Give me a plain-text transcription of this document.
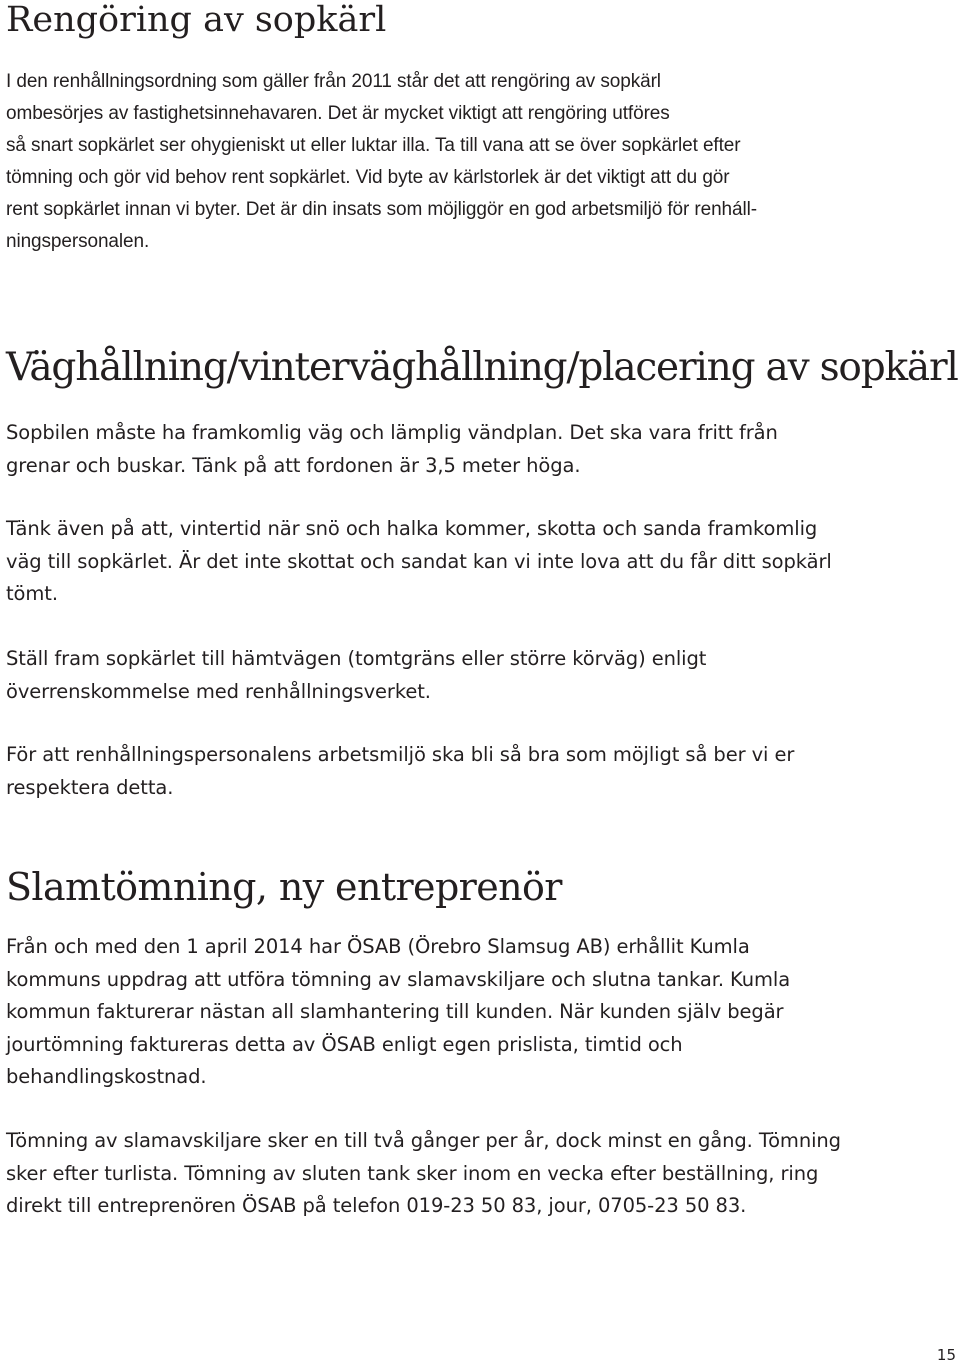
Rengöring av sopkärl

I den renhållningsordning som gäller från 2011 står det att rengöring av sopkärl
ombesörjes av fastighetsinnehavaren. Det är mycket viktigt att rengöring utföres
så snart sopkärlet ser ohygieniskt ut eller luktar illa. Ta till vana att se över sopkärlet efter
tömning och gör vid behov rent sopkärlet. Vid byte av kärlstorlek är det viktigt att du gör
rent sopkärlet innan vi byter. Det är din insats som möjliggör en god arbetsmiljö för renháll-
ningspersonalen.

Väghållning/vinterväghållning/placering av sopkärl

Sopbilen måste ha framkomlig väg och lämplig vändplan. Det ska vara fritt från
grenar och buskar. Tänk på att fordonen är 3,5 meter höga.

Tänk även på att, vintertid när snö och halka kommer, skotta och sanda framkomlig
väg till sopkärlet. Är det inte skottat och sandat kan vi inte lova att du får ditt sopkärl
tömt.

Ställ fram sopkärlet till hämtvägen (tomtgräns eller större körväg) enligt
överrenskommelse med renhållningsverket.

För att renhållningspersonalens arbetsmiljö ska bli så bra som möjligt så ber vi er
respektera detta.

Slamtömning, ny entreprenör

Från och med den 1 april 2014 har ÖSAB (Örebro Slamsug AB) erhållit Kumla
kommuns uppdrag att utföra tömning av slamavskiljare och slutna tankar. Kumla
kommun fakturerar nästan all slamhantering till kunden. När kunden själv begär
jourtömning faktureras detta av ÖSAB enligt egen prislista, timtid och
behandlingskostnad.

Tömning av slamavskiljare sker en till två gånger per år, dock minst en gång. Tömning
sker efter turlista. Tömning av sluten tank sker inom en vecka efter beställning, ring
direkt till entreprenören ÖSAB på telefon 019-23 50 83, jour, 0705-23 50 83.

15
